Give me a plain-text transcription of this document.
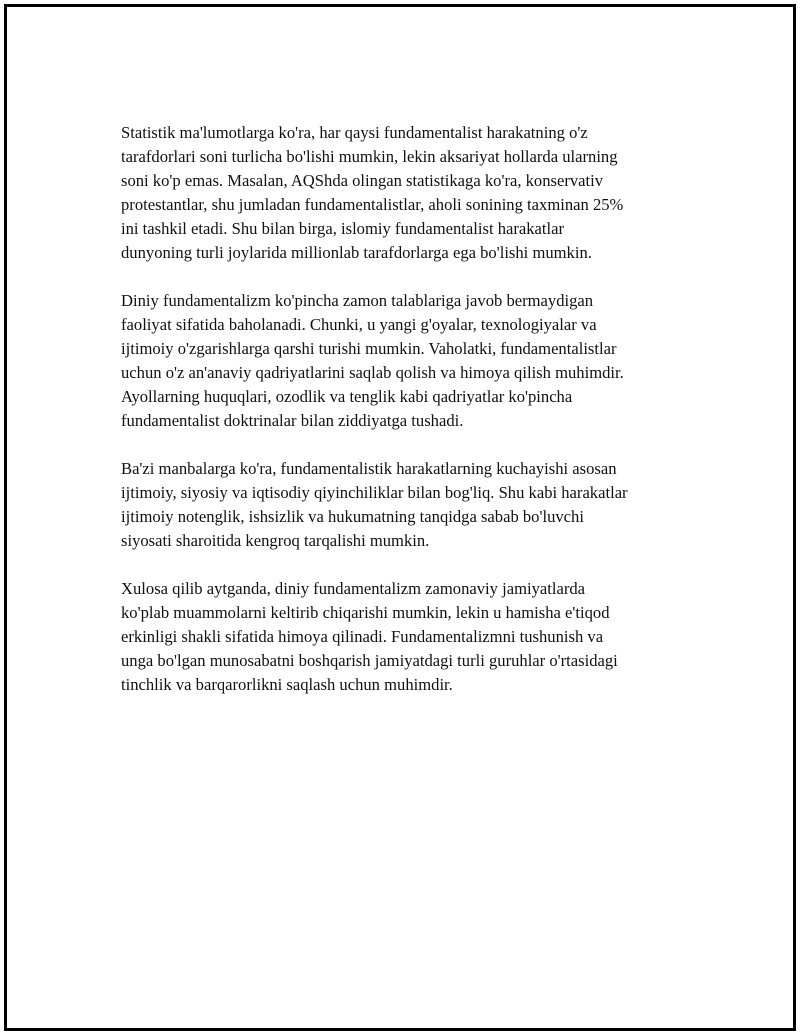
Statistik ma'lumotlarga ko'ra, har qaysi fundamentalist harakatning o'z
tarafdorlari soni turlicha bo'lishi mumkin, lekin aksariyat hollarda ularning
soni ko'p emas. Masalan, AQShda olingan statistikaga ko'ra, konservativ
protestantlar, shu jumladan fundamentalistlar, aholi sonining taxminan 25%
ini tashkil etadi. Shu bilan birga, islomiy fundamentalist harakatlar
dunyoning turli joylarida millionlab tarafdorlarga ega bo'lishi mumkin.

Diniy fundamentalizm ko'pincha zamon talablariga javob bermaydigan
faoliyat sifatida baholanadi. Chunki, u yangi g'oyalar, texnologiyalar va
ijtimoiy o'zgarishlarga qarshi turishi mumkin. Vaholatki, fundamentalistlar
uchun o'z an'anaviy qadriyatlarini saqlab qolish va himoya qilish muhimdir.
Ayollarning huquqlari, ozodlik va tenglik kabi qadriyatlar ko'pincha
fundamentalist doktrinalar bilan ziddiyatga tushadi.

Ba'zi manbalarga ko'ra, fundamentalistik harakatlarning kuchayishi asosan
ijtimoiy, siyosiy va iqtisodiy qiyinchiliklar bilan bog'liq. Shu kabi harakatlar
ijtimoiy notenglik, ishsizlik va hukumatning tanqidga sabab bo'luvchi
siyosati sharoitida kengroq tarqalishi mumkin.

Xulosa qilib aytganda, diniy fundamentalizm zamonaviy jamiyatlarda
ko'plab muammolarni keltirib chiqarishi mumkin, lekin u hamisha e'tiqod
erkinligi shakli sifatida himoya qilinadi. Fundamentalizmni tushunish va
unga bo'lgan munosabatni boshqarish jamiyatdagi turli guruhlar o'rtasidagi
tinchlik va barqarorlikni saqlash uchun muhimdir.
